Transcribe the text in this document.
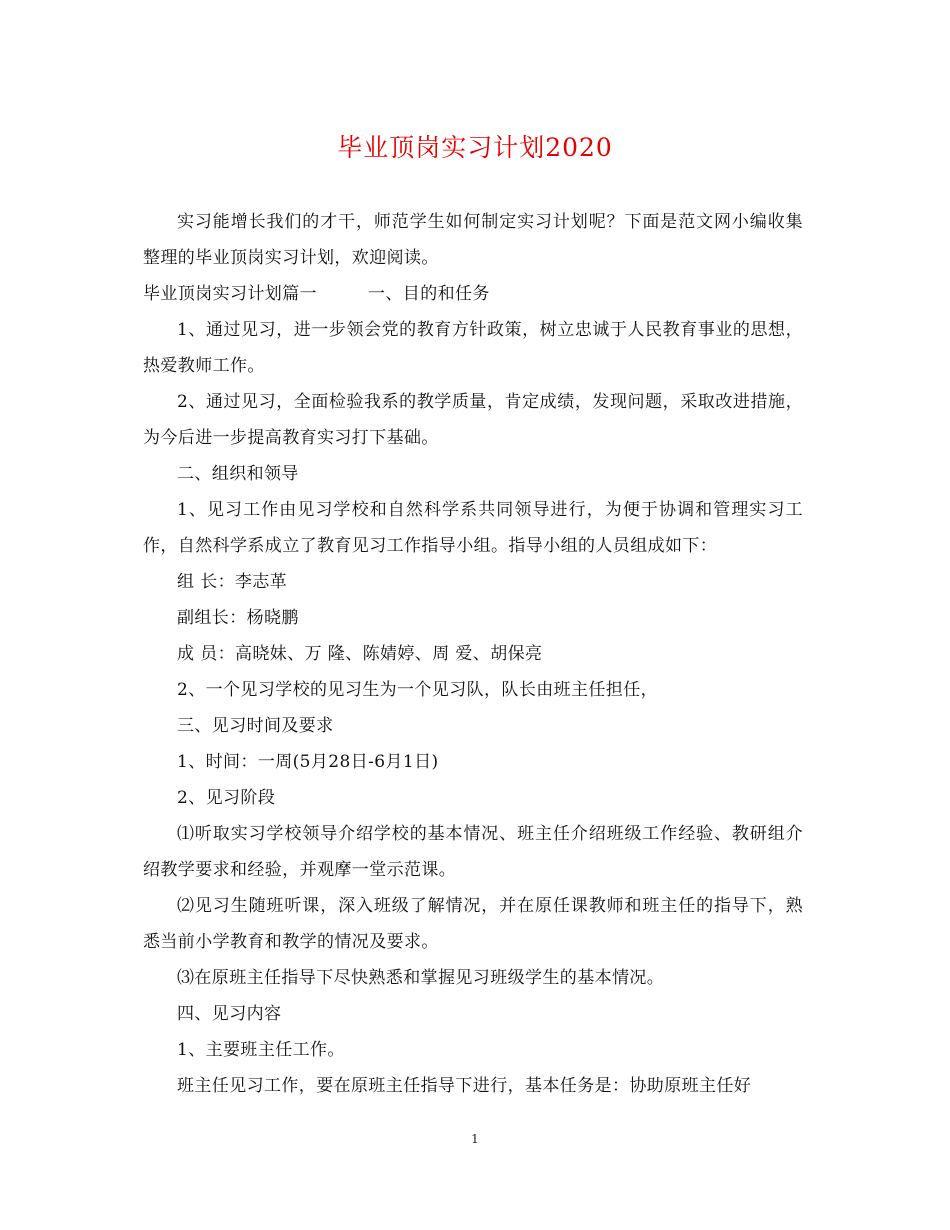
毕业顶岗实习计划2020

实习能增长我们的才干，师范学生如何制定实习计划呢？下面是范文网小编收集整理的毕业顶岗实习计划，欢迎阅读。

毕业顶岗实习计划篇一	一、目的和任务

1、通过见习，进一步领会党的教育方针政策，树立忠诚于人民教育事业的思想，热爱教师工作。

2、通过见习，全面检验我系的教学质量，肯定成绩，发现问题，采取改进措施，为今后进一步提高教育实习打下基础。

二、组织和领导

1、见习工作由见习学校和自然科学系共同领导进行，为便于协调和管理实习工作，自然科学系成立了教育见习工作指导小组。指导小组的人员组成如下：

组 长：李志革

副组长：杨晓鹏

成 员：高晓妹、万 隆、陈婧婷、周 爱、胡保亮

2、一个见习学校的见习生为一个见习队，队长由班主任担任，

三、见习时间及要求

1、时间：一周(5月28日-6月1日)

2、见习阶段

⑴听取实习学校领导介绍学校的基本情况、班主任介绍班级工作经验、教研组介绍教学要求和经验，并观摩一堂示范课。

⑵见习生随班听课，深入班级了解情况，并在原任课教师和班主任的指导下，熟悉当前小学教育和教学的情况及要求。

⑶在原班主任指导下尽快熟悉和掌握见习班级学生的基本情况。

四、见习内容

1、主要班主任工作。

班主任见习工作，要在原班主任指导下进行，基本任务是：协助原班主任好

1
